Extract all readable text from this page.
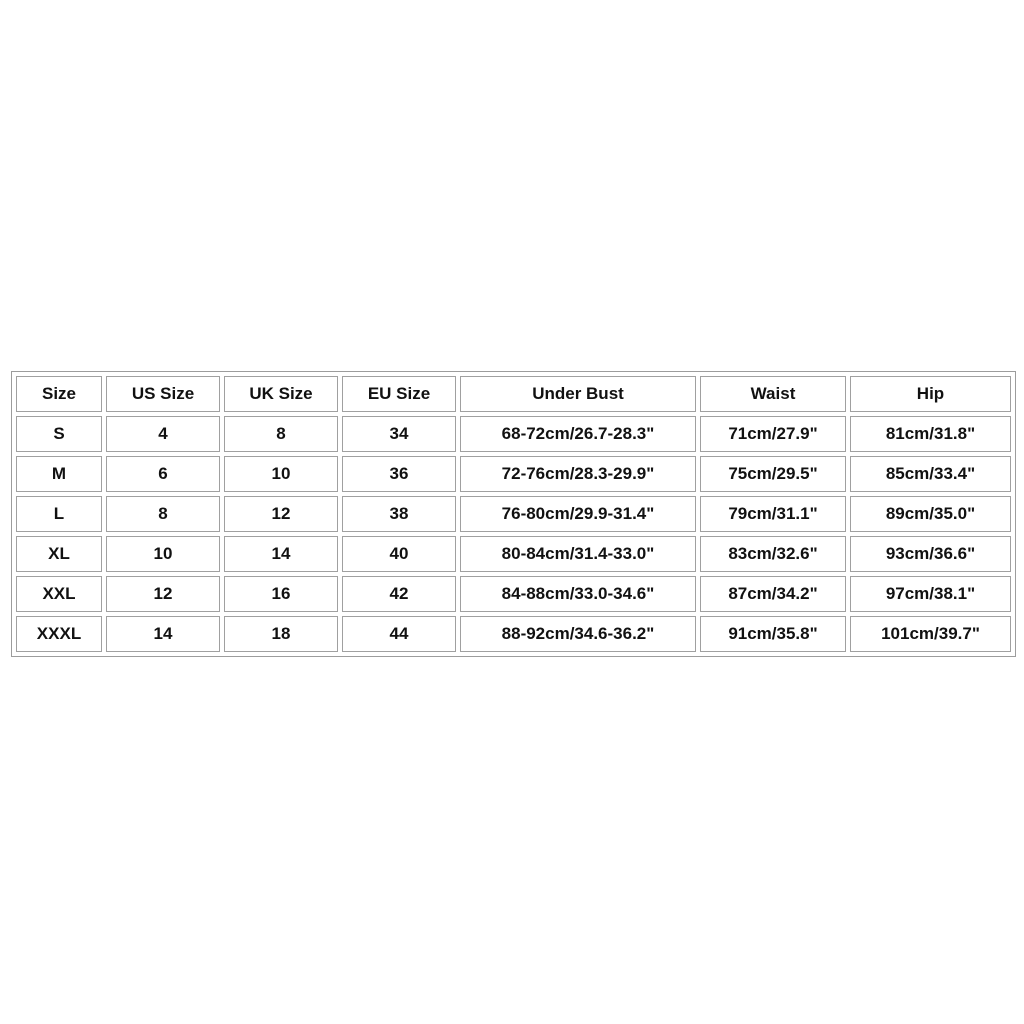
Size	US Size	UK Size	EU Size	Under Bust	Waist	Hip
S	4	8	34	68-72cm/26.7-28.3"	71cm/27.9"	81cm/31.8"
M	6	10	36	72-76cm/28.3-29.9"	75cm/29.5"	85cm/33.4"
L	8	12	38	76-80cm/29.9-31.4"	79cm/31.1"	89cm/35.0"
XL	10	14	40	80-84cm/31.4-33.0"	83cm/32.6"	93cm/36.6"
XXL	12	16	42	84-88cm/33.0-34.6"	87cm/34.2"	97cm/38.1"
XXXL	14	18	44	88-92cm/34.6-36.2"	91cm/35.8"	101cm/39.7"
